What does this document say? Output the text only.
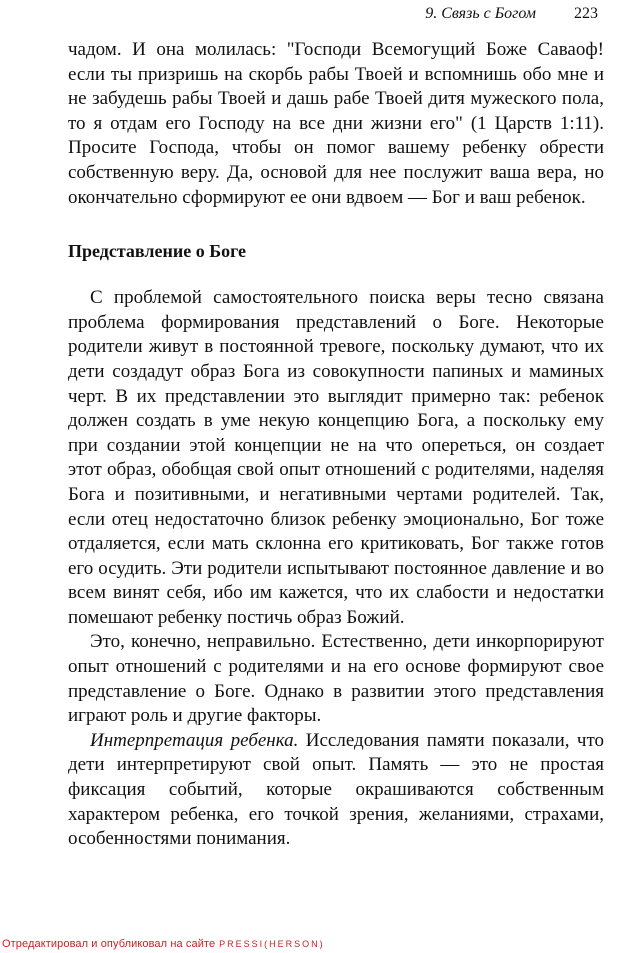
9. Связь с Богом 223

чадом. И она молилась: "Господи Всемогущий Боже Саваоф! если ты призришь на скорбь рабы Твоей и вспомнишь обо мне и не забудешь рабы Твоей и дашь рабе Твоей дитя мужеского пола, то я отдам его Господу на все дни жизни его" (1 Царств 1:11). Просите Господа, чтобы он помог вашему ребенку обрести собственную веру. Да, основой для нее послужит ваша вера, но окончательно сформируют ее они вдвоем — Бог и ваш ребенок.

Представление о Боге

С проблемой самостоятельного поиска веры тесно связана проблема формирования представлений о Боге. Некоторые родители живут в постоянной тревоге, поскольку думают, что их дети создадут образ Бога из совокупности папиных и маминых черт. В их представлении это выглядит примерно так: ребенок должен создать в уме некую концепцию Бога, а поскольку ему при создании этой концепции не на что опереться, он создает этот образ, обобщая свой опыт отношений с родителями, наделяя Бога и позитивными, и негативными чертами родителей. Так, если отец недостаточно близок ребенку эмоционально, Бог тоже отдаляется, если мать склонна его критиковать, Бог также готов его осудить. Эти родители испытывают постоянное давление и во всем винят себя, ибо им кажется, что их слабости и недостатки помешают ребенку постичь образ Божий.

Это, конечно, неправильно. Естественно, дети инкорпорируют опыт отношений с родителями и на его основе формируют свое представление о Боге. Однако в развитии этого представления играют роль и другие факторы.

Интерпретация ребенка. Исследования памяти показали, что дети интерпретируют свой опыт. Память — это не простая фиксация событий, которые окрашиваются собственным характером ребенка, его точкой зрения, желаниями, страхами, особенностями понимания.

Отредактировал и опубликовал на сайте PRESSI(HERSON)
